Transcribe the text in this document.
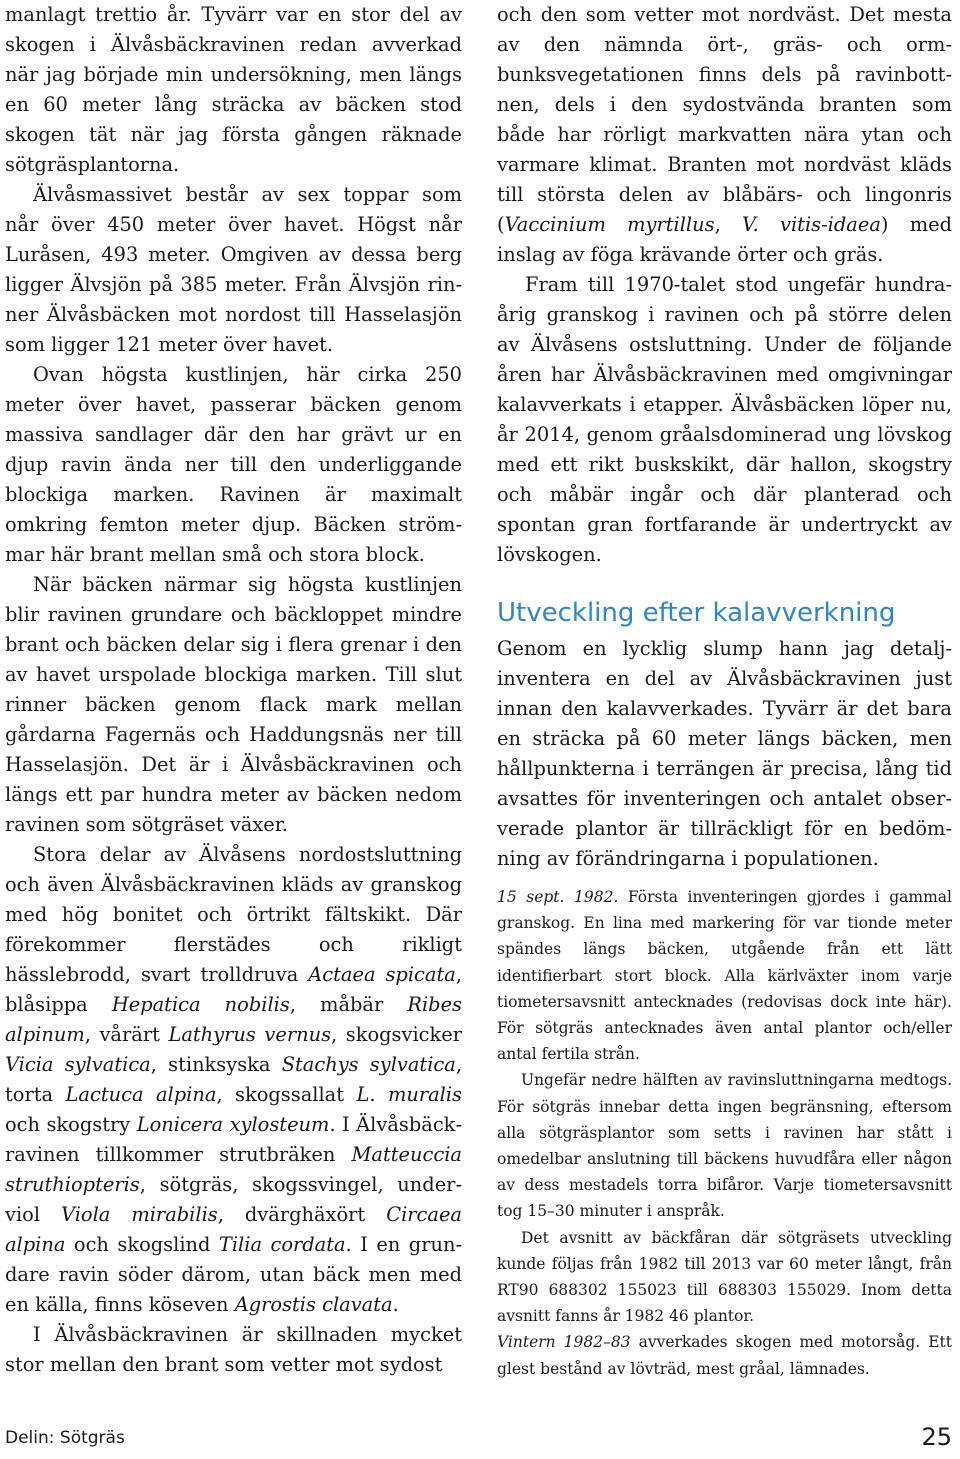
manlagt trettio år. Tyvärr var en stor del av skogen i Älvåsbäckravinen redan avverkad när jag började min undersökning, men längs en 60 meter lång sträcka av bäcken stod skogen tät när jag första gången räknade sötgräsplantorna.

Älvåsmassivet består av sex toppar som når över 450 meter över havet. Högst når Luråsen, 493 meter. Omgiven av dessa berg ligger Älvsjön på 385 meter. Från Älvsjön rinner Älvåsbäcken mot nordost till Hasselasjön som ligger 121 meter över havet.

Ovan högsta kustlinjen, här cirka 250 meter över havet, passerar bäcken genom massiva sandlager där den har grävt ur en djup ravin ända ner till den underliggande blockiga marken. Ravinen är maximalt omkring femton meter djup. Bäcken strömmar här brant mellan små och stora block.

När bäcken närmar sig högsta kustlinjen blir ravinen grundare och bäckloppet mindre brant och bäcken delar sig i flera grenar i den av havet urspolade blockiga marken. Till slut rinner bäcken genom flack mark mellan gårdarna Fagernäs och Haddungsnäs ner till Hasselasjön. Det är i Älvåsbäckravinen och längs ett par hundra meter av bäcken nedom ravinen som sötgräset växer.

Stora delar av Älvåsens nordostsluttning och även Älvåsbäckravinen kläds av granskog med hög bonitet och örtrikt fältskikt. Där förekommer flerstädes och rikligt hässlebrodd, svart trolldruva Actaea spicata, blåsippa Hepatica nobilis, måbär Ribes alpinum, vårärt Lathyrus vernus, skogsvicker Vicia sylvatica, stinksyska Stachys sylvatica, torta Lactuca alpina, skogssallat L. muralis och skogstry Lonicera xylosteum. I Älvåsbäckravinen tillkommer strutbräken Matteuccia struthiopteris, sötgräs, skogssvingel, underviol Viola mirabilis, dvärghäxört Circaea alpina och skogslind Tilia cordata. I en grundare ravin söder därom, utan bäck men med en källa, finns köseven Agrostis clavata.

I Älvåsbäckravinen är skillnaden mycket stor mellan den brant som vetter mot sydost

och den som vetter mot nordväst. Det mesta av den nämnda ört-, gräs- och ormbunksvegetationen finns dels på ravinbottnen, dels i den sydostvända branten som både har rörligt markvatten nära ytan och varmare klimat. Branten mot nordväst kläds till största delen av blåbärs- och lingonris (Vaccinium myrtillus, V. vitis-idaea) med inslag av föga krävande örter och gräs.

Fram till 1970-talet stod ungefär hundraårig granskog i ravinen och på större delen av Älvåsens ostsluttning. Under de följande åren har Älvåsbäckravinen med omgivningar kalavverkats i etapper. Älvåsbäcken löper nu, år 2014, genom gråalsdominerad ung lövskog med ett rikt buskskikt, där hallon, skogstry och måbär ingår och där planterad och spontan gran fortfarande är undertryckt av lövskogen.

Utveckling efter kalavverkning

Genom en lycklig slump hann jag detaljinventera en del av Älvåsbäckravinen just innan den kalavverkades. Tyvärr är det bara en sträcka på 60 meter längs bäcken, men hållpunkterna i terrängen är precisa, lång tid avsattes för inventeringen och antalet observerade plantor är tillräckligt för en bedömning av förändringarna i populationen.

15 sept. 1982. Första inventeringen gjordes i gammal granskog. En lina med markering för var tionde meter spändes längs bäcken, utgående från ett lätt identifierbart stort block. Alla kärlväxter inom varje tiometersavsnitt antecknades (redovisas dock inte här). För sötgräs antecknades även antal plantor och/eller antal fertila strån.

Ungefär nedre hälften av ravinsluttningarna medtogs. För sötgräs innebar detta ingen begränsning, eftersom alla sötgräsplantor som setts i ravinen har stått i omedelbar anslutning till bäckens huvudfåra eller någon av dess mestadels torra bifåror. Varje tiometersavsnitt tog 15–30 minuter i anspråk.

Det avsnitt av bäckfåran där sötgräsets utveckling kunde följas från 1982 till 2013 var 60 meter långt, från RT90 688302 155023 till 688303 155029. Inom detta avsnitt fanns år 1982 46 plantor.

Vintern 1982–83 avverkades skogen med motorsåg. Ett glest bestånd av lövträd, mest gråal, lämnades.

Delin: Sötgräs	25
